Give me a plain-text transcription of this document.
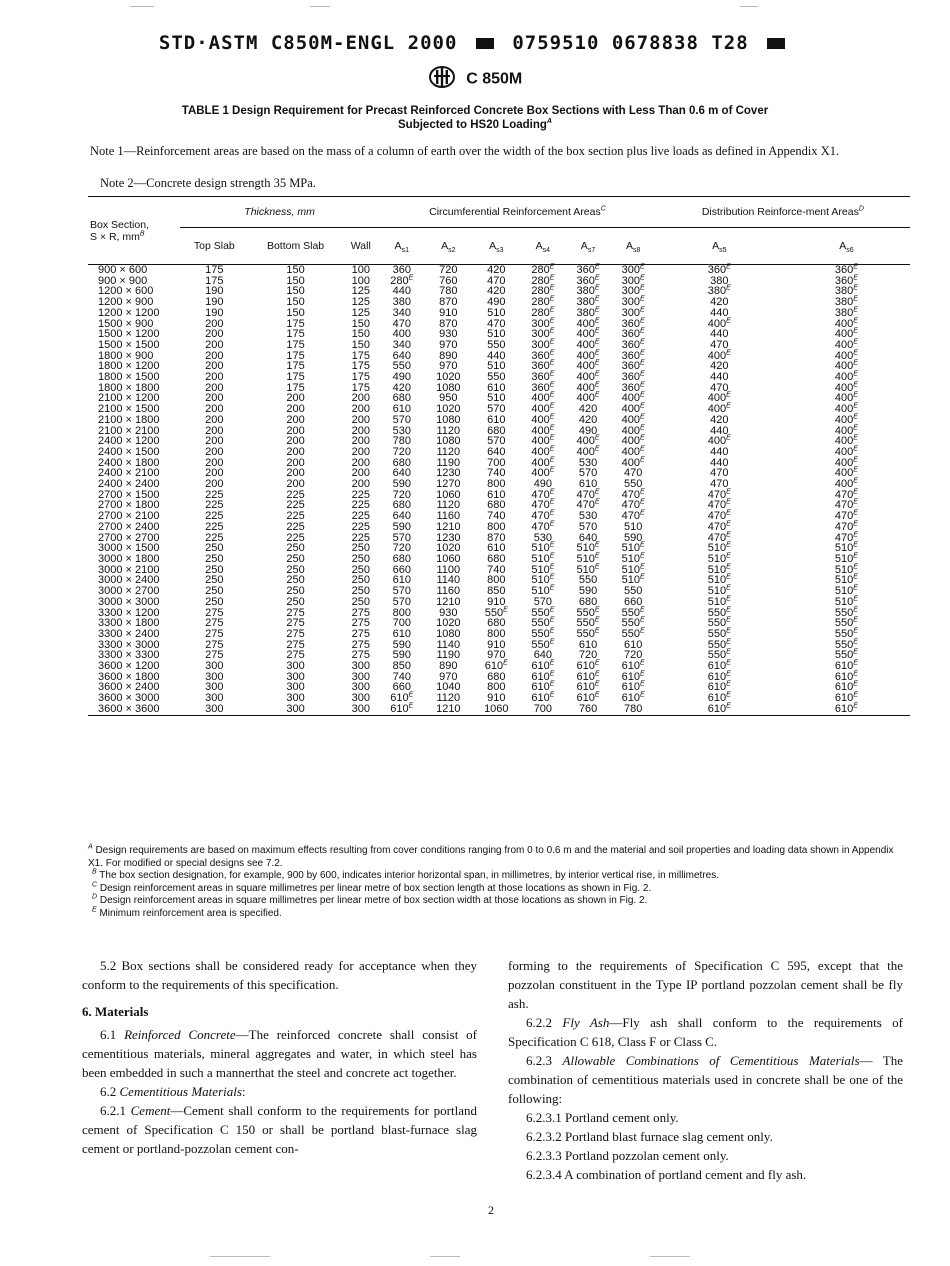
STD·ASTM C850M-ENGL 2000	0759510 0678838 T28
C 850M
TABLE 1 Design Requirement for Precast Reinforced Concrete Box Sections with Less Than 0.6 m of Cover
Subjected to HS20 Loading$^A$
Note 1—Reinforcement areas are based on the mass of a column of earth over the width of the box section plus live loads as defined in Appendix X1.
Note 2—Concrete design strength 35 MPa.
Box Section,
S × R, $mm^B$	Thickness, mm			Circumferential Reinforcement Areas$^C$						Distribution Reinforce-ment Areas$^D$
	Top Slab	Bottom Slab	Wall	$A_{s1}$	$A_{s2}$	$A_{s3}$	$A_{s4}$	$A_{s7}$	$A_{s8}$	$A_{s5}$	$A_{s6}$
900 × 600	175	150	100	360	720	420	$280^E$	$360^E$	$300^E$	$360^E$	$360^E$
900 × 900	175	150	100	$280^E$	760	470	$280^E$	$360^E$	$300^E$	380	$360^E$
1200 × 600	190	150	125	440	780	420	$280^E$	$380^E$	$300^E$	$380^E$	$380^E$
1200 × 900	190	150	125	380	870	490	$280^E$	$380^E$	$300^E$	420	$380^E$
1200 × 1200	190	150	125	340	910	510	$280^E$	$380^E$	$300^E$	440	$380^E$
1500 × 900	200	175	150	470	870	470	$300^E$	$400^E$	$360^E$	$400^E$	$400^E$
1500 × 1200	200	175	150	400	930	510	$300^E$	$400^E$	$360^E$	440	$400^E$
1500 × 1500	200	175	150	340	970	550	$300^E$	$400^E$	$360^E$	470	$400^E$
1800 × 900	200	175	175	640	890	440	$360^E$	$400^E$	$360^E$	$400^E$	$400^E$
1800 × 1200	200	175	175	550	970	510	$360^E$	$400^E$	$360^E$	420	$400^E$
1800 × 1500	200	175	175	490	1020	550	$360^E$	$400^E$	$360^E$	440	$400^E$
1800 × 1800	200	175	175	420	1080	610	$360^E$	$400^E$	$360^E$	470	$400^E$
2100 × 1200	200	200	200	680	950	510	$400^E$	$400^E$	$400^E$	$400^E$	$400^E$
2100 × 1500	200	200	200	610	1020	570	$400^E$	420	$400^E$	$400^E$	$400^E$
2100 × 1800	200	200	200	570	1080	610	$400^E$	420	$400^E$	420	$400^E$
2100 × 2100	200	200	200	530	1120	680	$400^E$	490	$400^E$	440	$400^E$
2400 × 1200	200	200	200	780	1080	570	$400^E$	$400^E$	$400^E$	$400^E$	$400^E$
2400 × 1500	200	200	200	720	1120	640	$400^E$	$400^E$	$400^E$	440	$400^E$
2400 × 1800	200	200	200	680	1190	700	$400^E$	530	$400^E$	440	$400^E$
2400 × 2100	200	200	200	640	1230	740	$400^E$	570	470	470	$400^E$
2400 × 2400	200	200	200	590	1270	800	490	610	550	470	$400^E$
2700 × 1500	225	225	225	720	1060	610	$470^E$	$470^E$	$470^E$	$470^E$	$470^E$
2700 × 1800	225	225	225	680	1120	680	$470^E$	$470^E$	$470^E$	$470^E$	$470^E$
2700 × 2100	225	225	225	640	1160	740	$470^E$	530	$470^E$	$470^E$	$470^E$
2700 × 2400	225	225	225	590	1210	800	$470^E$	570	510	$470^E$	$470^E$
2700 × 2700	225	225	225	570	1230	870	530	640	590	$470^E$	$470^E$
3000 × 1500	250	250	250	720	1020	610	$510^E$	$510^E$	$510^E$	$510^E$	$510^E$
3000 × 1800	250	250	250	680	1060	680	$510^E$	$510^E$	$510^E$	$510^E$	$510^E$
3000 × 2100	250	250	250	660	1100	740	$510^E$	$510^E$	$510^E$	$510^E$	$510^E$
3000 × 2400	250	250	250	610	1140	800	$510^E$	550	$510^E$	$510^E$	$510^E$
3000 × 2700	250	250	250	570	1160	850	$510^E$	590	550	$510^E$	$510^E$
3000 × 3000	250	250	250	570	1210	910	570	680	660	$510^E$	$510^E$
3300 × 1200	275	275	275	800	930	$550^E$	$550^E$	$550^E$	$550^E$	$550^E$	$550^E$
3300 × 1800	275	275	275	700	1020	680	$550^E$	$550^E$	$550^E$	$550^E$	$550^E$
3300 × 2400	275	275	275	610	1080	800	$550^E$	$550^E$	$550^E$	$550^E$	$550^E$
3300 × 3000	275	275	275	590	1140	910	$550^E$	610	610	$550^E$	$550^E$
3300 × 3300	275	275	275	590	1190	970	640	720	720	$550^E$	$550^E$
3600 × 1200	300	300	300	850	890	$610^E$	$610^E$	$610^E$	$610^E$	$610^E$	$610^E$
3600 × 1800	300	300	300	740	970	680	$610^E$	$610^E$	$610^E$	$610^E$	$610^E$
3600 × 2400	300	300	300	660	1040	800	$610^E$	$610^E$	$610^E$	$610^E$	$610^E$
3600 × 3000	300	300	300	$610^E$	1120	910	$610^E$	$610^E$	$610^E$	$610^E$	$610^E$
3600 × 3600	300	300	300	$610^E$	1210	1060	700	760	780	$610^E$	$610^E$
$^A$ Design requirements are based on maximum effects resulting from cover conditions ranging from 0 to 0.6 m and the material and soil properties and loading data shown in Appendix X1. For modified or special designs see 7.2.
$^B$ The box section designation, for example, 900 by 600, indicates interior horizontal span, in millimetres, by interior vertical rise, in millimetres.
$^C$ Design reinforcement areas in square millimetres per linear metre of box section length at those locations as shown in Fig. 2.
$^D$ Design reinforcement areas in square millimetres per linear metre of box section width at those locations as shown in Fig. 2.
$^E$ Minimum reinforcement area is specified.

5.2 Box sections shall be considered ready for acceptance when they conform to the requirements of this specification.

6. Materials

6.1 Reinforced Concrete—The reinforced concrete shall consist of cementitious materials, mineral aggregates and water, in which steel has been embedded in such a mannerthat the steel and concrete act together.

6.2 Cementitious Materials:

6.2.1 Cement—Cement shall conform to the requirements for portland cement of Specification C 150 or shall be portland blast-furnace slag cement or portland-pozzolan cement con-

forming to the requirements of Specification C 595, except that the pozzolan constituent in the Type IP portland pozzolan cement shall be fly ash.

6.2.2 Fly Ash—Fly ash shall conform to the requirements of Specification C 618, Class F or Class C.

6.2.3 Allowable Combinations of Cementitious Materials— The combination of cementitious materials used in concrete shall be one of the following:

6.2.3.1 Portland cement only.

6.2.3.2 Portland blast furnace slag cement only.

6.2.3.3 Portland pozzolan cement only.

6.2.3.4 A combination of portland cement and fly ash.

2
